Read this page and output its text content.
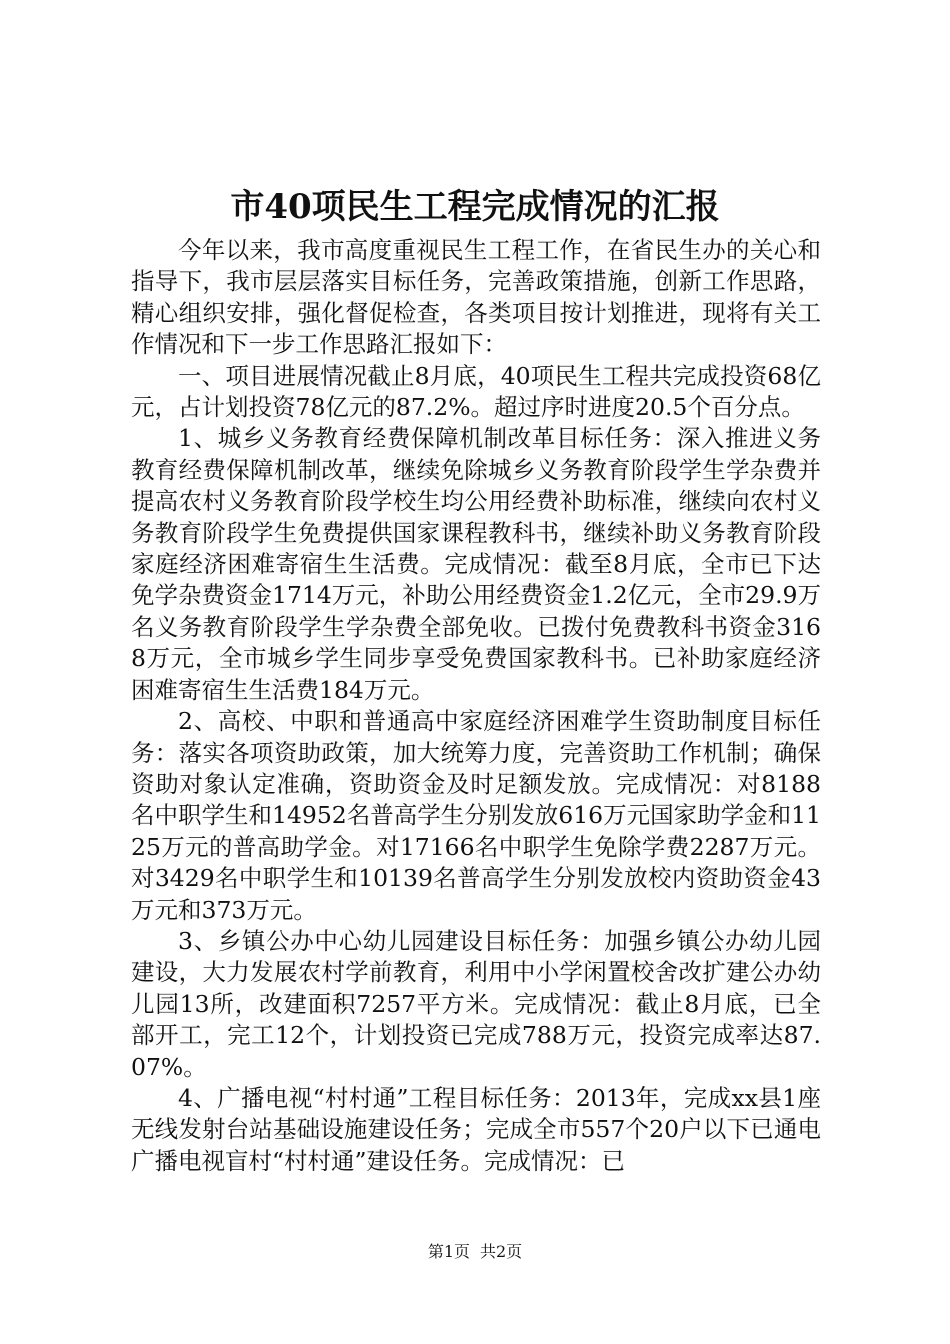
市40项民生工程完成情况的汇报

今年以来，我市高度重视民生工程工作，在省民生办的关心和指导下，我市层层落实目标任务，完善政策措施，创新工作思路，精心组织安排，强化督促检查，各类项目按计划推进，现将有关工作情况和下一步工作思路汇报如下：

一、项目进展情况截止8月底，40项民生工程共完成投资68亿元，占计划投资78亿元的87.2%。超过序时进度20.5个百分点。

1、城乡义务教育经费保障机制改革目标任务：深入推进义务教育经费保障机制改革，继续免除城乡义务教育阶段学生学杂费并提高农村义务教育阶段学校生均公用经费补助标准，继续向农村义务教育阶段学生免费提供国家课程教科书，继续补助义务教育阶段家庭经济困难寄宿生生活费。完成情况：截至8月底，全市已下达免学杂费资金1714万元，补助公用经费资金1.2亿元，全市29.9万名义务教育阶段学生学杂费全部免收。已拨付免费教科书资金3168万元，全市城乡学生同步享受免费国家教科书。已补助家庭经济困难寄宿生生活费184万元。

2、高校、中职和普通高中家庭经济困难学生资助制度目标任务：落实各项资助政策，加大统筹力度，完善资助工作机制；确保资助对象认定准确，资助资金及时足额发放。完成情况：对8188名中职学生和14952名普高学生分别发放616万元国家助学金和1125万元的普高助学金。对17166名中职学生免除学费2287万元。对3429名中职学生和10139名普高学生分别发放校内资助资金43万元和373万元。

3、乡镇公办中心幼儿园建设目标任务：加强乡镇公办幼儿园建设，大力发展农村学前教育，利用中小学闲置校舍改扩建公办幼儿园13所，改建面积7257平方米。完成情况：截止8月底，已全部开工，完工12个，计划投资已完成788万元，投资完成率达87.07%。

4、广播电视“村村通”工程目标任务：2013年，完成xx县1座无线发射台站基础设施建设任务；完成全市557个20户以下已通电广播电视盲村“村村通”建设任务。完成情况：已

第1页 共2页
